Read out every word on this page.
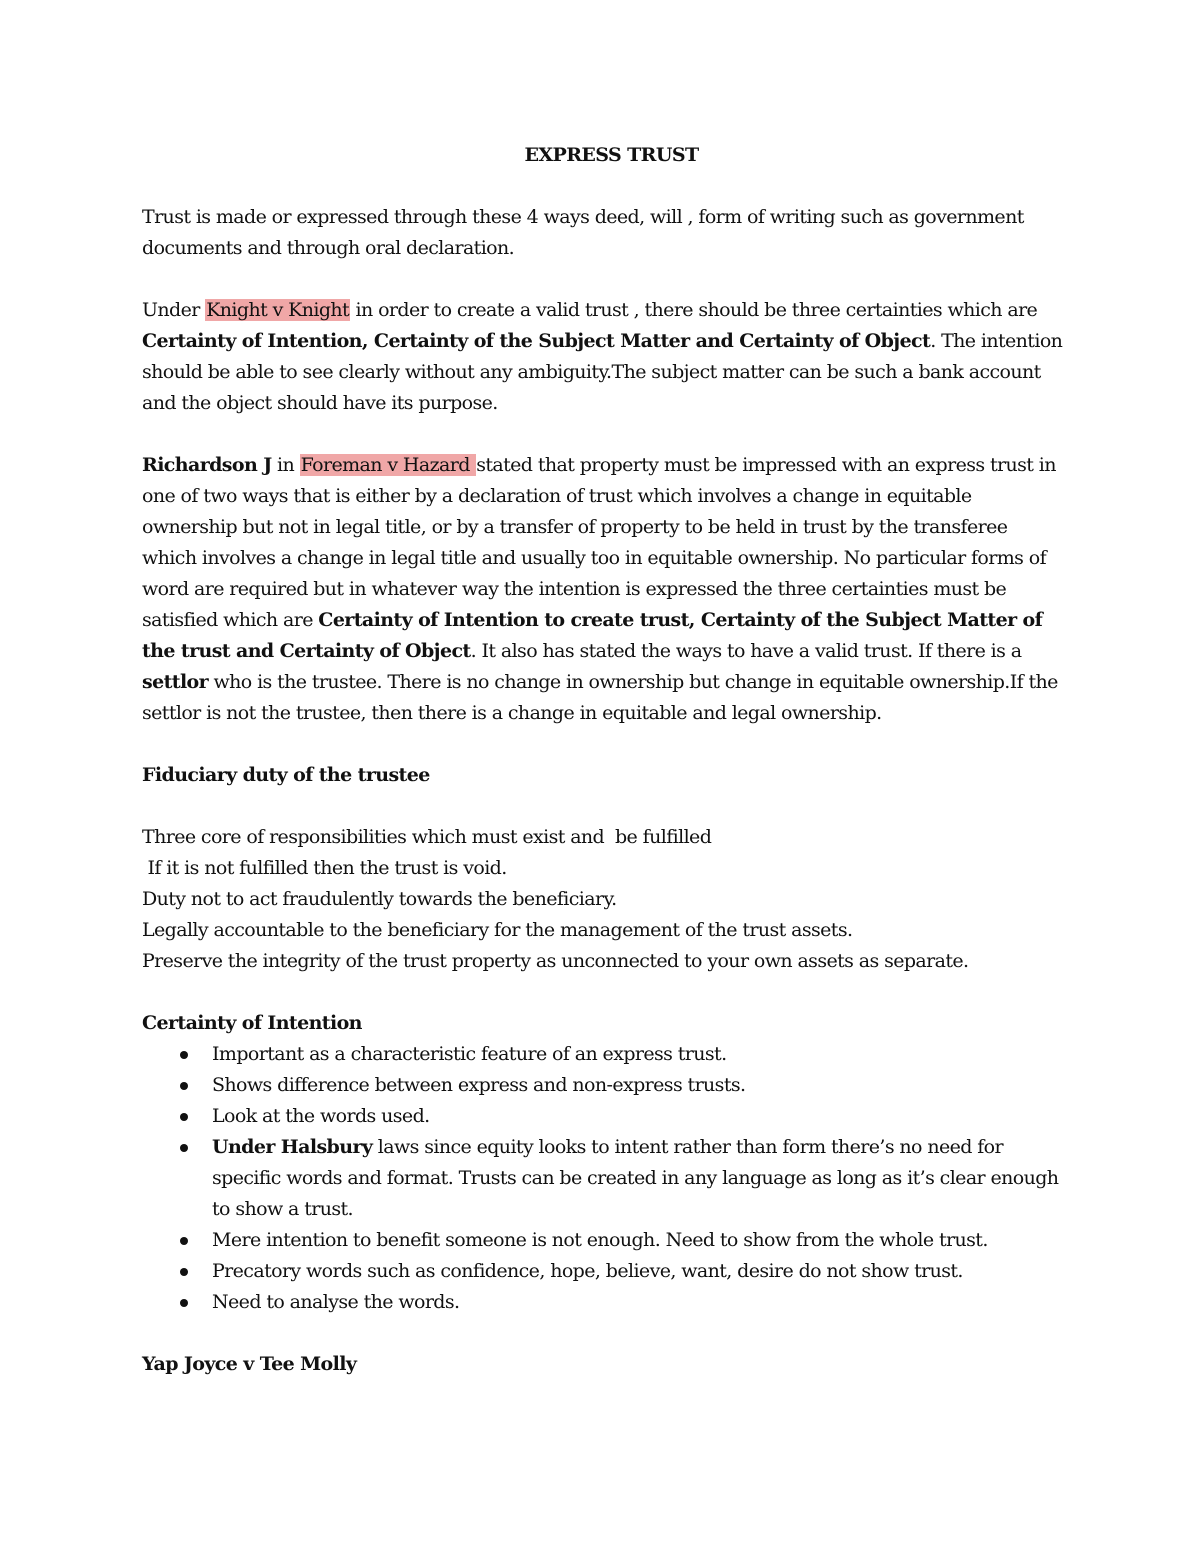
EXPRESS TRUST

Trust is made or expressed through these 4 ways deed, will , form of writing such as government documents and through oral declaration.

Under Knight v Knight in order to create a valid trust , there should be three certainties which are Certainty of Intention, Certainty of the Subject Matter and Certainty of Object. The intention should be able to see clearly without any ambiguity.The subject matter can be such a bank account and the object should have its purpose.

Richardson J in Foreman v Hazard stated that property must be impressed with an express trust in one of two ways that is either by a declaration of trust which involves a change in equitable ownership but not in legal title, or by a transfer of property to be held in trust by the transferee which involves a change in legal title and usually too in equitable ownership. No particular forms of word are required but in whatever way the intention is expressed the three certainties must be satisfied which are Certainty of Intention to create trust, Certainty of the Subject Matter of the trust and Certainty of Object. It also has stated the ways to have a valid trust. If there is a settlor who is the trustee. There is no change in ownership but change in equitable ownership.If the settlor is not the trustee, then there is a change in equitable and legal ownership.

Fiduciary duty of the trustee
Three core of responsibilities which must exist and  be fulfilled
If it is not fulfilled then the trust is void.
Duty not to act fraudulently towards the beneficiary.
Legally accountable to the beneficiary for the management of the trust assets.
Preserve the integrity of the trust property as unconnected to your own assets as separate.
Certainty of Intention
Important as a characteristic feature of an express trust.
Shows difference between express and non-express trusts.
Look at the words used.
Under Halsbury laws since equity looks to intent rather than form there’s no need for specific words and format. Trusts can be created in any language as long as it’s clear enough to show a trust.
Mere intention to benefit someone is not enough. Need to show from the whole trust.
Precatory words such as confidence, hope, believe, want, desire do not show trust.
Need to analyse the words.
Yap Joyce v Tee Molly
